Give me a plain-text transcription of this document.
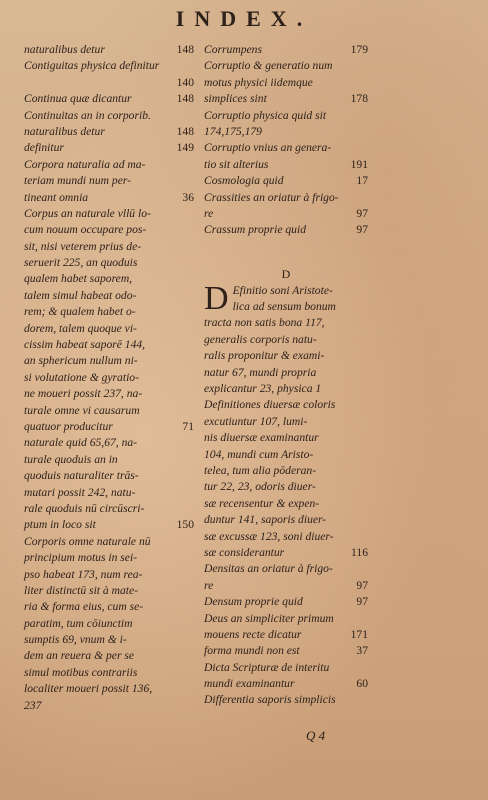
INDEX.
naturalibus detur	148
Contiguitas physica definitur
140
Continua quæ dicantur	148
Continuitas an in corporib.
naturalibus detur	148
definitur	149
Corpora naturalia ad ma-
teriam mundi num per-
tineant omnia	36
Corpus an naturale vllū lo-
cum nouum occupare pos-
sit, nisi veterem prius de-
seruerit 225, an quoduis
qualem habet saporem,
talem simul habeat odo-
rem; & qualem habet o-
dorem, talem quoque vi-
cissim habeat saporē 144,
an sphericum nullum ni-
si volutatione & gyratio-
ne moueri possit 237, na-
turale omne vi causarum
quatuor producitur	71
naturale quid 65,67, na-
turale quoduis an in
quoduis naturaliter trās-
mutari possit 242, natu-
rale quoduis nū circūscri-
ptum in loco sit	150
Corporis omne naturale nū
principium motus in sei-
pso habeat 173, num rea-
liter distinctū sit à mate-
ria & forma eius, cum se-
paratim, tum cōiunctim
sumptis 69, vnum & i-
dem an reuera & per se
simul motibus contrariis
localiter moueri possit 136,
237
Corrumpens	179
Corruptio & generatio num
motus physici iidemque
simplices sint	178
Corruptio physica quid sit
174,175,179
Corruptio vnius an genera-
tio sit alterius	191
Cosmologia quid	17
Crassities an oriatur à frigo-
re	97
Crassum proprie quid	97
D
D Efinitio soni Aristote-
lica ad sensum bonum
tracta non satis bona 117,
generalis corporis natu-
ralis proponitur & exami-
natur 67, mundi propria
explicantur 23, physica 1
Definitiones diuersæ coloris
excutiuntur 107, lumi-
nis diuersæ examinantur
104, mundi cum Aristo-
telea, tum alia pōderan-
tur 22, 23, odoris diuer-
sæ recensentur & expen-
duntur 141, saporis diuer-
sæ excussæ 123, soni diuer-
sæ considerantur	116
Densitas an oriatur à frigo-
re	97
Densum proprie quid	97
Deus an simpliciter primum
mouens recte dicatur	171
forma mundi non est	37
Dicta Scripturæ de interitu
mundi examinantur	60
Differentia saporis simplicis
Q 4
